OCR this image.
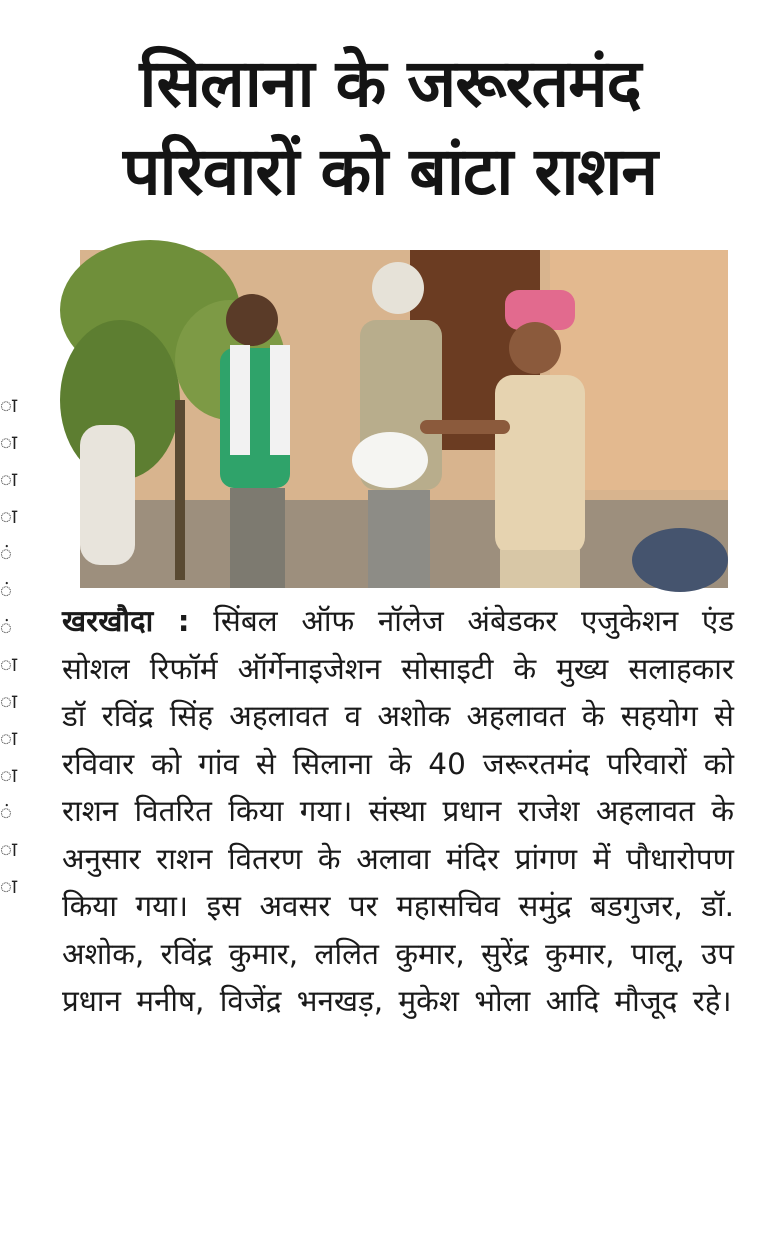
ा
ा
ा
ा
ं
ं
ं
ा
ा
ा
ा
ं
ा
ा
सिलाना के जरूरतमंद
परिवारों को बांटा राशन
खरखौदा : सिंबल ऑफ नॉलेज अंबेडकर एजुकेशन एंड सोशल रिफॉर्म ऑर्गेनाइजेशन सोसाइटी के मुख्य सलाहकार डॉ रविंद्र सिंह अहलावत व अशोक अहलावत के सहयोग से रविवार को गांव से सिलाना के 40 जरूरतमंद परिवारों को राशन वितरित किया गया। संस्था प्रधान राजेश अहलावत के अनुसार राशन वितरण के अलावा मंदिर प्रांगण में पौधारोपण किया गया। इस अवसर पर महासचिव समुंद्र बडगुजर, डॉ. अशोक, रविंद्र कुमार, ललित कुमार, सुरेंद्र कुमार, पालू, उप प्रधान मनीष, विजेंद्र भनखड़, मुकेश भोला आदि मौजूद रहे।
